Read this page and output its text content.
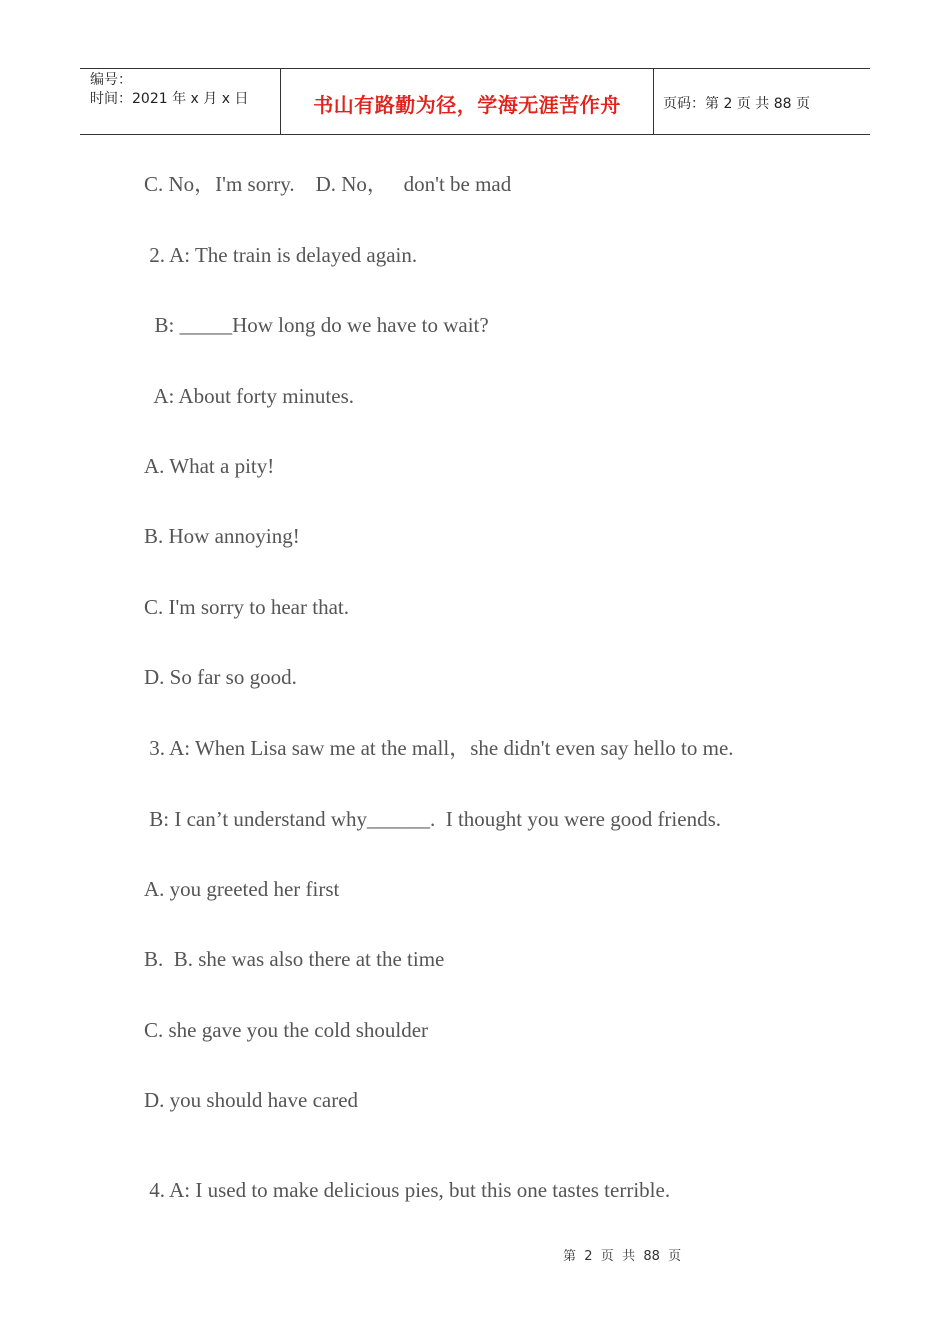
编号：
时间：2021 年 x 月 x 日	书山有路勤为径，学海无涯苦作舟	页码：第 2 页 共 88 页
C. No，I'm sorry.    D. No，   don't be mad
2. A: The train is delayed again.
B: _____How long do we have to wait?
A: About forty minutes.
A. What a pity!
B. How annoying!
C. I'm sorry to hear that.
D. So far so good.
3. A: When Lisa saw me at the mall，she didn't even say hello to me.
B: I can’t understand why______.  I thought you were good friends.
A. you greeted her first
B.  B. she was also there at the time
C. she gave you the cold shoulder
D. you should have cared
4. A: I used to make delicious pies, but this one tastes terrible.
第  2  页  共  88  页
